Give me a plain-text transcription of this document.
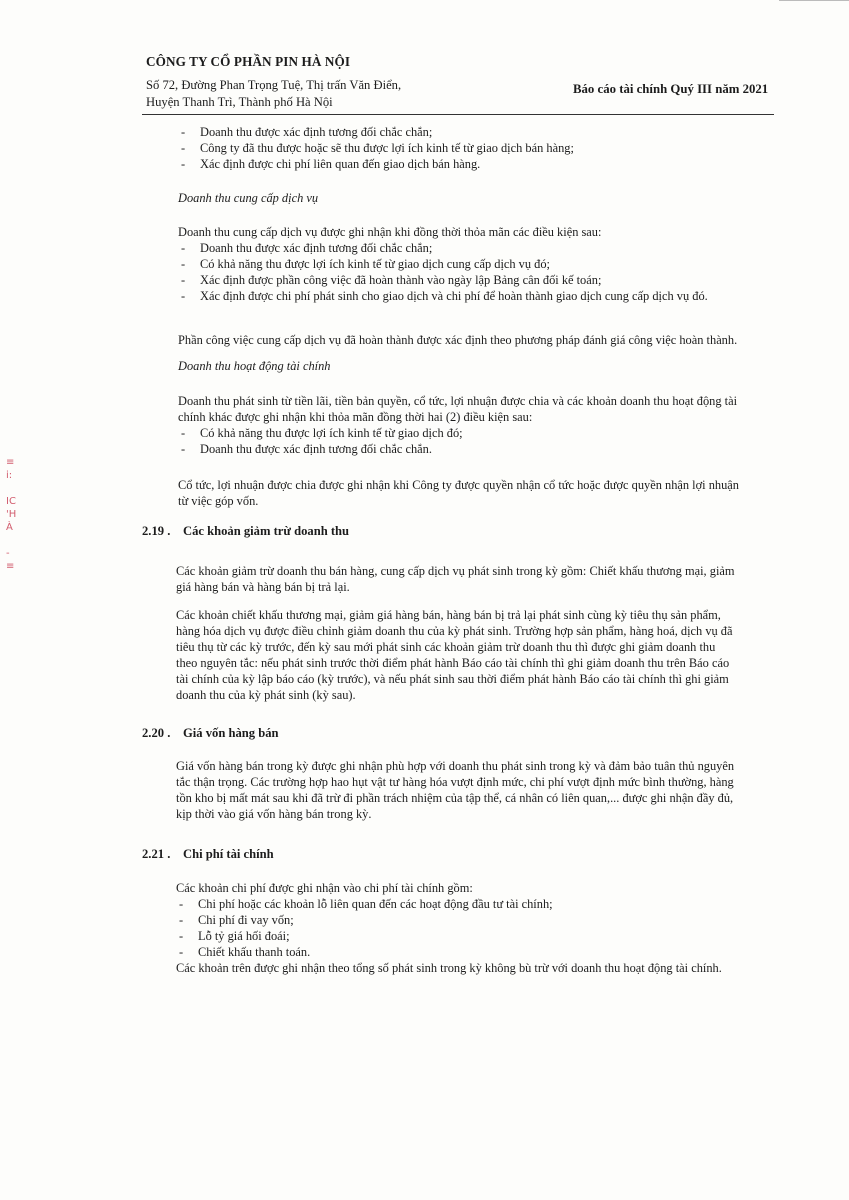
CÔNG TY CỔ PHẦN PIN HÀ NỘI
Số 72, Đường Phan Trọng Tuệ, Thị trấn Văn Điển,
Huyện Thanh Trì, Thành phố Hà Nội
Báo cáo tài chính Quý III năm 2021
- Doanh thu được xác định tương đối chắc chắn;
- Công ty đã thu được hoặc sẽ thu được lợi ích kinh tế từ giao dịch bán hàng;
- Xác định được chi phí liên quan đến giao dịch bán hàng.
Doanh thu cung cấp dịch vụ
Doanh thu cung cấp dịch vụ được ghi nhận khi đồng thời thỏa mãn các điều kiện sau:
- Doanh thu được xác định tương đối chắc chắn;
- Có khả năng thu được lợi ích kinh tế từ giao dịch cung cấp dịch vụ đó;
- Xác định được phần công việc đã hoàn thành vào ngày lập Bảng cân đối kế toán;
- Xác định được chi phí phát sinh cho giao dịch và chi phí để hoàn thành giao dịch cung cấp dịch vụ đó.
Phần công việc cung cấp dịch vụ đã hoàn thành được xác định theo phương pháp đánh giá công việc hoàn thành.
Doanh thu hoạt động tài chính
Doanh thu phát sinh từ tiền lãi, tiền bản quyền, cổ tức, lợi nhuận được chia và các khoản doanh thu hoạt động tài
chính khác được ghi nhận khi thỏa mãn đồng thời hai (2) điều kiện sau:
- Có khả năng thu được lợi ích kinh tế từ giao dịch đó;
- Doanh thu được xác định tương đối chắc chắn.
Cổ tức, lợi nhuận được chia được ghi nhận khi Công ty được quyền nhận cổ tức hoặc được quyền nhận lợi nhuận
từ việc góp vốn.
≡
i:

IC
'H
À

-
≡
2.19 . Các khoản giảm trừ doanh thu
Các khoản giảm trừ doanh thu bán hàng, cung cấp dịch vụ phát sinh trong kỳ gồm: Chiết khấu thương mại, giảm
giá hàng bán và hàng bán bị trả lại.
Các khoản chiết khấu thương mại, giảm giá hàng bán, hàng bán bị trả lại phát sinh cùng kỳ tiêu thụ sản phẩm,
hàng hóa dịch vụ được điều chỉnh giảm doanh thu của kỳ phát sinh. Trường hợp sản phẩm, hàng hoá, dịch vụ đã
tiêu thụ từ các kỳ trước, đến kỳ sau mới phát sinh các khoản giảm trừ doanh thu thì được ghi giảm doanh thu
theo nguyên tắc: nếu phát sinh trước thời điểm phát hành Báo cáo tài chính thì ghi giảm doanh thu trên Báo cáo
tài chính của kỳ lập báo cáo (kỳ trước), và nếu phát sinh sau thời điểm phát hành Báo cáo tài chính thì ghi giảm
doanh thu của kỳ phát sinh (kỳ sau).
2.20 . Giá vốn hàng bán
Giá vốn hàng bán trong kỳ được ghi nhận phù hợp với doanh thu phát sinh trong kỳ và đảm bảo tuân thủ nguyên
tắc thận trọng. Các trường hợp hao hụt vật tư hàng hóa vượt định mức, chi phí vượt định mức bình thường, hàng
tồn kho bị mất mát sau khi đã trừ đi phần trách nhiệm của tập thể, cá nhân có liên quan,... được ghi nhận đầy đủ,
kịp thời vào giá vốn hàng bán trong kỳ.
2.21 . Chi phí tài chính
Các khoản chi phí được ghi nhận vào chi phí tài chính gồm:
- Chi phí hoặc các khoản lỗ liên quan đến các hoạt động đầu tư tài chính;
- Chi phí đi vay vốn;
- Lỗ tỷ giá hối đoái;
- Chiết khấu thanh toán.
Các khoản trên được ghi nhận theo tổng số phát sinh trong kỳ không bù trừ với doanh thu hoạt động tài chính.
